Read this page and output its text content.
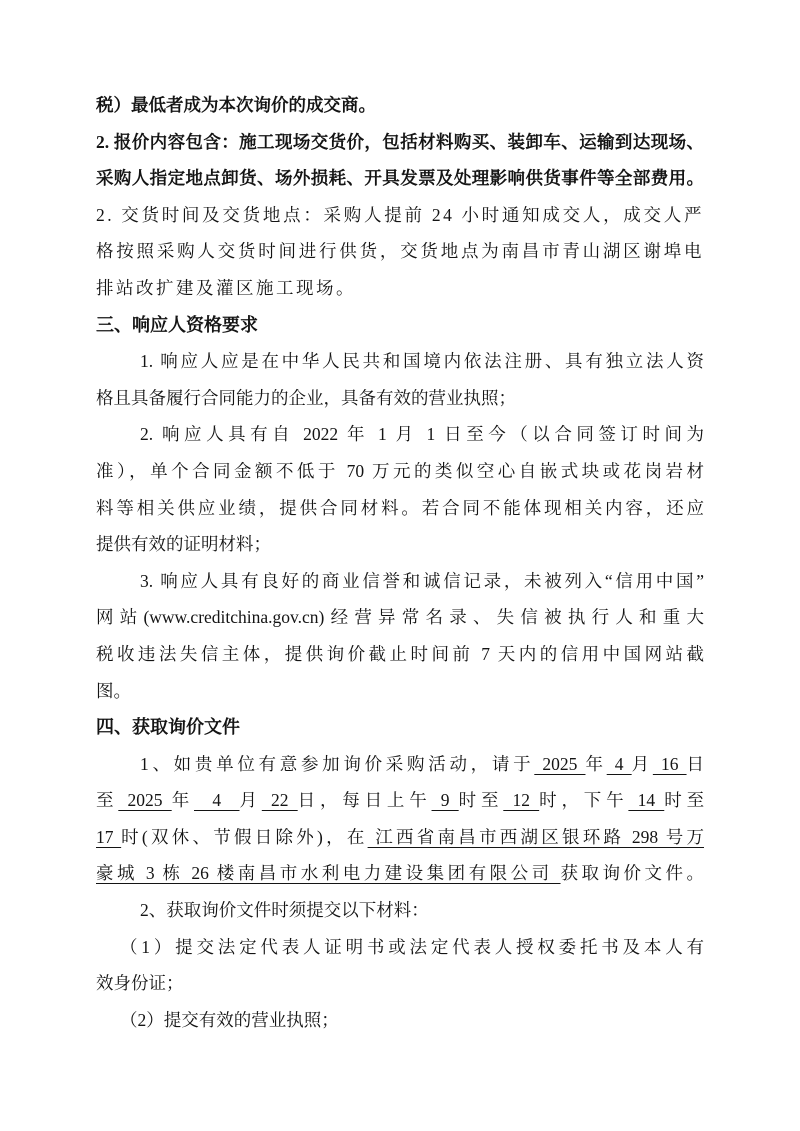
税）最低者成为本次询价的成交商。
2. 报价内容包含：施工现场交货价，包括材料购买、装卸车、运输到达现场、
采购人指定地点卸货、场外损耗、开具发票及处理影响供货事件等全部费用。
2. 交货时间及交货地点：采购人提前 24 小时通知成交人，成交人严
格按照采购人交货时间进行供货，交货地点为南昌市青山湖区谢埠电
排站改扩建及灌区施工现场。
三、响应人资格要求
1. 响应人应是在中华人民共和国境内依法注册、具有独立法人资
格且具备履行合同能力的企业，具备有效的营业执照；
2. 响应人具有自 2022 年 1 月 1 日至今（以合同签订时间为
准），单个合同金额不低于 70 万元的类似空心自嵌式块或花岗岩材
料等相关供应业绩，提供合同材料。若合同不能体现相关内容，还应
提供有效的证明材料；
3. 响应人具有良好的商业信誉和诚信记录，未被列入“信用中国”
网站(www.creditchina.gov.cn)经营异常名录、失信被执行人和重大
税收违法失信主体，提供询价截止时间前 7 天内的信用中国网站截
图。
四、获取询价文件
1、如贵单位有意参加询价采购活动，请于 2025 年 4 月 16 日
至 2025 年  4  月 22 日，每日上午 9 时至 12 时，下午 14 时至
17 时(双休、节假日除外)，在 江西省南昌市西湖区银环路 298 号万
豪城 3 栋 26 楼南昌市水利电力建设集团有限公司 获取询价文件。
2、获取询价文件时须提交以下材料：
（1）提交法定代表人证明书或法定代表人授权委托书及本人有
效身份证；
（2）提交有效的营业执照；
